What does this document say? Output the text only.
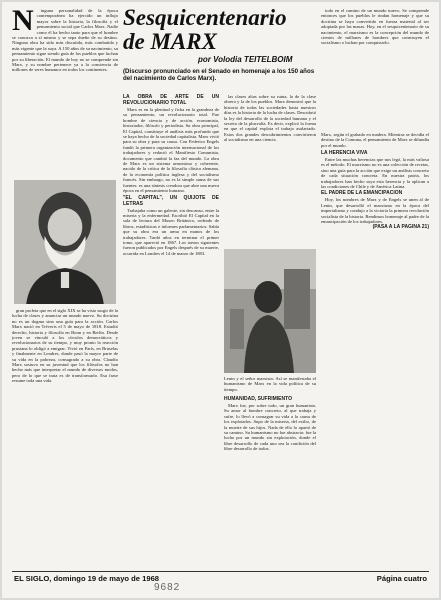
N	inguna personalidad de la época contemporánea ha ejercido un influjo mayor sobre la historia, la filosofía y el pensamiento social que Carlos Marx. Nadie como él ha hecho tanto para que el hombre se conozca a sí mismo y se sepa dueño de su destino. Ninguna obra ha sido más discutida, más combatida y más vigente que la suya. A 150 años de su nacimiento, su pensamiento sigue siendo guía de los pueblos que luchan por su liberación. El mundo de hoy no se comprende sin Marx, y su nombre pertenece ya a la conciencia de millones de seres humanos en todos los continentes.

gran profeta que en el siglo XIX se ha visto surgir de la lucha de clases y anunciar un mundo nuevo. Su doctrina no es un dogma sino una guía para la acción. Carlos Marx nació en Tréveris el 5 de mayo de 1818. Estudió derecho, historia y filosofía en Bonn y en Berlín. Desde joven se vinculó a los círculos democráticos y revolucionarios de su tiempo, y muy pronto la reacción prusiana lo obligó a emigrar. Vivió en París, en Bruselas y finalmente en Londres, donde pasó la mayor parte de su vida en la pobreza, consagrado a su obra. Claudio Marx sostuvo en su juventud que los filósofos no han hecho más que interpretar el mundo de diversos modos, pero de lo que se trata es de transformarlo. Esa frase resume toda una vida.

Sesquicentenario
de MARX
por Volodia TEITELBOIM
(Discurso pronunciado en el Senado en homenaje a los 150 años del nacimiento de Carlos Marx).

LA OBRA DE ARTE DE UN REVOLUCIONARIO TOTAL

Marx es en la plenitud y ficha en la grandeza de su pensamiento, un revolucionario total. Fue hombre de ciencia y de acción, economista, historiador, filósofo y periodista. Su obra principal, El Capital, constituye el análisis más profundo que se haya hecho de la sociedad capitalista. Marx vivió para su obra y para su causa. Con Federico Engels fundó la primera organización internacional de los trabajadores y redactó el Manifiesto Comunista, documento que cambió la faz del mundo. La obra de Marx es un sistema armonioso y coherente, nacido de la crítica de la filosofía clásica alemana, de la economía política inglesa y del socialismo francés. Sin embargo, no es la simple suma de sus fuentes: es una síntesis creadora que abre una nueva época en el pensamiento humano.

"EL CAPITAL", UN QUIJOTE DE LETRAS

Trabajaba como un galeote, sin descanso, entre la miseria y la enfermedad. Escribió El Capital en la sala de lectura del Museo Británico, rodeado de libros, estadísticas e informes parlamentarios. Sabía que su obra era un arma en manos de los trabajadores. Tardó años en terminar el primer tomo, que apareció en 1867. Los tomos siguientes fueron publicados por Engels después de su muerte, ocurrida en Londres el 14 de marzo de 1883.

las clases altas sobre su ruina, la de la clase obrera y la de los pueblos. Marx demostró que la historia de todas las sociedades hasta nuestros días es la historia de la lucha de clases. Descubrió la ley del desarrollo de la sociedad humana y el secreto de la plusvalía. Es decir, explicó la forma en que el capital explota el trabajo asalariado. Estos dos grandes descubrimientos convirtieron al socialismo en una ciencia.

Lenin y el señor marxista: Así se manifestaba el humanismo de Marx en la vida política de su tiempo.

HUMANIDAD, SUFRIMIENTO

Marx fue, por sobre todo, un gran humanista. Su amor al hombre concreto, al que trabaja y sufre, lo llevó a consagrar su vida a la causa de los explotados. Supo de la miseria, del exilio, de la muerte de sus hijos. Nada de ello lo apartó de su camino. Su humanismo no fue abstracto: fue la lucha por un mundo sin explotación, donde el libre desarrollo de cada uno sea la condición del libre desarrollo de todos.

todo en el camino de un mundo nuevo. Se comprende entonces que los pueblos le rindan homenaje y que su doctrina se haya convertido en fuerza material al ser adoptada por las masas. Hoy, en el sesquicentenario de su nacimiento, el marxismo es la concepción del mundo de cientos de millones de hombres que construyen el socialismo o luchan por conquistarlo.

Marx, según el grabado en madera. Mientras se decidía el destino de la Comuna, el pensamiento de Marx se difundía por el mundo.

LA HERENCIA VIVA

Entre las muchas herencias que nos legó, la más valiosa es el método. El marxismo no es una colección de recetas, sino una guía para la acción que exige un análisis concreto de cada situación concreta. En nuestra patria, los trabajadores han hecho suya esta herencia y la aplican a las condiciones de Chile y de América Latina.

EL PADRE DE LA EMANCIPACION

Hoy, los nombres de Marx y de Engels se unen al de Lenin, que desarrolló el marxismo en la época del imperialismo y condujo a la victoria la primera revolución socialista de la historia. Rendimos homenaje al padre de la emancipación de los trabajadores.

(PASA A LA PAGINA 21)

EL SIGLO, domingo 19 de mayo de 1968	Página cuatro
9682
